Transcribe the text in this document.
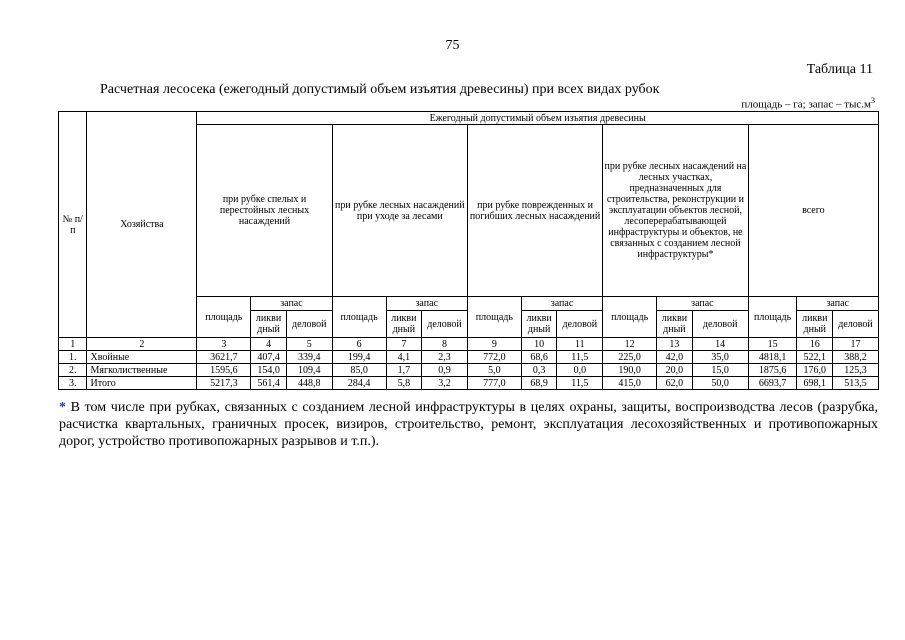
75
Таблица 11
Расчетная лесосека (ежегодный допустимый объем изъятия древесины) при всех видах рубок
площадь – га; запас – $тыс.м^3$
№ п/п	Хозяйства	Ежегодный допустимый объем изъятия древесины														
		при рубке спелых и перестойных лесных насаждений			при рубке лесных насаждений при уходе за лесами			при рубке поврежденных и погибших лесных насаждений			при рубке лесных насаждений на лесных участках, предназначенных для строительства, реконструкции и эксплуатации объектов лесной, лесоперерабатывающей инфраструктуры и объектов, не связанных с созданием лесной инфраструктуры*			всего		
		площадь	запас		площадь	запас		площадь	запас		площадь	запас		площадь	запас	
			ликви дный	деловой		ликви дный	деловой		ликви дный	деловой		ликви дный	деловой		ликви дный	деловой
1	2	3	4	5	6	7	8	9	10	11	12	13	14	15	16	17
1.	Хвойные	3621,7	407,4	339,4	199,4	4,1	2,3	772,0	68,6	11,5	225,0	42,0	35,0	4818,1	522,1	388,2
2.	Мягколиственные	1595,6	154,0	109,4	85,0	1,7	0,9	5,0	0,3	0,0	190,0	20,0	15,0	1875,6	176,0	125,3
3.	Итого	5217,3	561,4	448,8	284,4	5,8	3,2	777,0	68,9	11,5	415,0	62,0	50,0	6693,7	698,1	513,5
* В том числе при рубках, связанных с созданием лесной инфраструктуры в целях охраны, защиты, воспроизводства лесов (разрубка, расчистка квартальных, граничных просек, визиров, строительство, ремонт, эксплуатация лесохозяйственных и противопожарных дорог, устройство противопожарных разрывов и т.п.).
